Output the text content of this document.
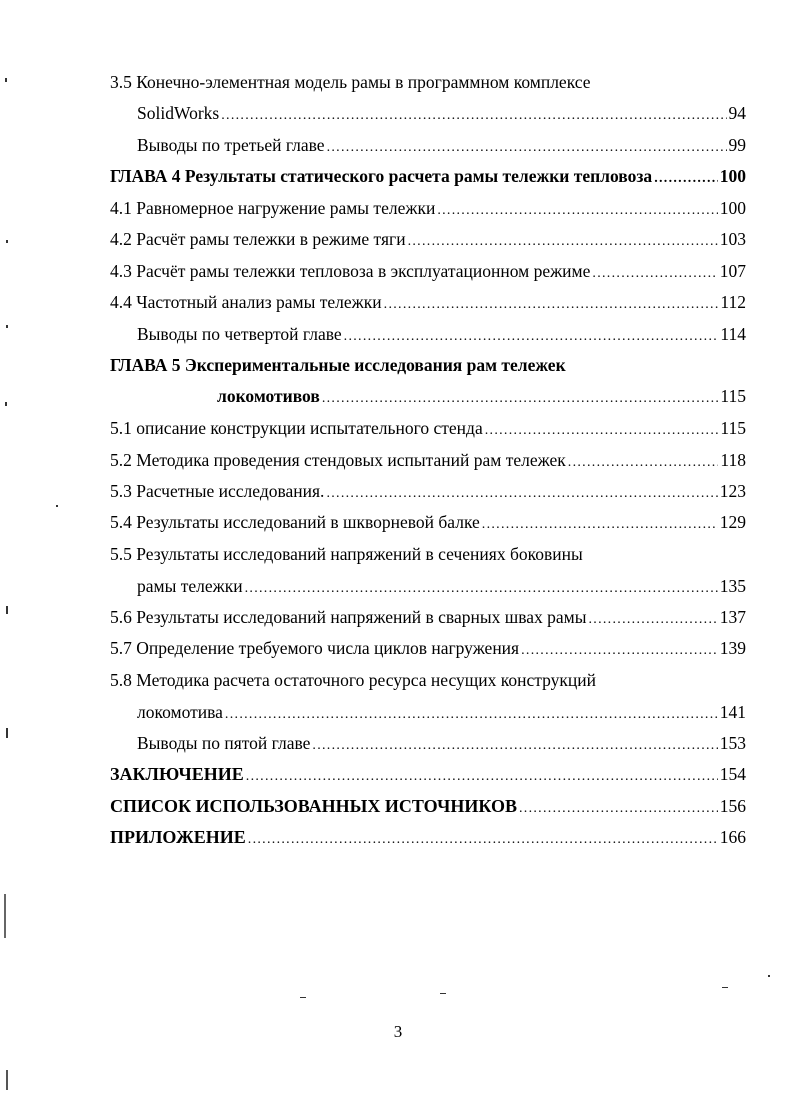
3.5 Конечно-элементная модель рамы в программном комплексе
SolidWorks .....	94
Выводы по третьей главе .....	99
ГЛАВА 4 Результаты статического расчета рамы тележки тепловоза .....	100
4.1 Равномерное нагружение рамы тележки .....	100
4.2 Расчёт рамы тележки в режиме тяги .....	103
4.3 Расчёт рамы тележки тепловоза в эксплуатационном режиме .....	107
4.4 Частотный анализ рамы тележки .....	112
Выводы по четвертой главе .....	114
ГЛАВА 5 Экспериментальные исследования рам тележек
локомотивов .....	115
5.1 описание конструкции испытательного стенда .....	115
5.2 Методика проведения стендовых испытаний рам тележек .....	118
5.3 Расчетные исследования. .....	123
5.4 Результаты исследований в шкворневой балке .....	129
5.5 Результаты исследований напряжений в сечениях боковины
рамы тележки .....	135
5.6 Результаты исследований напряжений в сварных швах рамы .....	137
5.7 Определение требуемого числа циклов нагружения .....	139
5.8 Методика расчета остаточного ресурса несущих конструкций
локомотива .....	141
Выводы по пятой главе .....	153
ЗАКЛЮЧЕНИЕ .....	154
СПИСОК ИСПОЛЬЗОВАННЫХ ИСТОЧНИКОВ .....	156
ПРИЛОЖЕНИЕ .....	166
3
